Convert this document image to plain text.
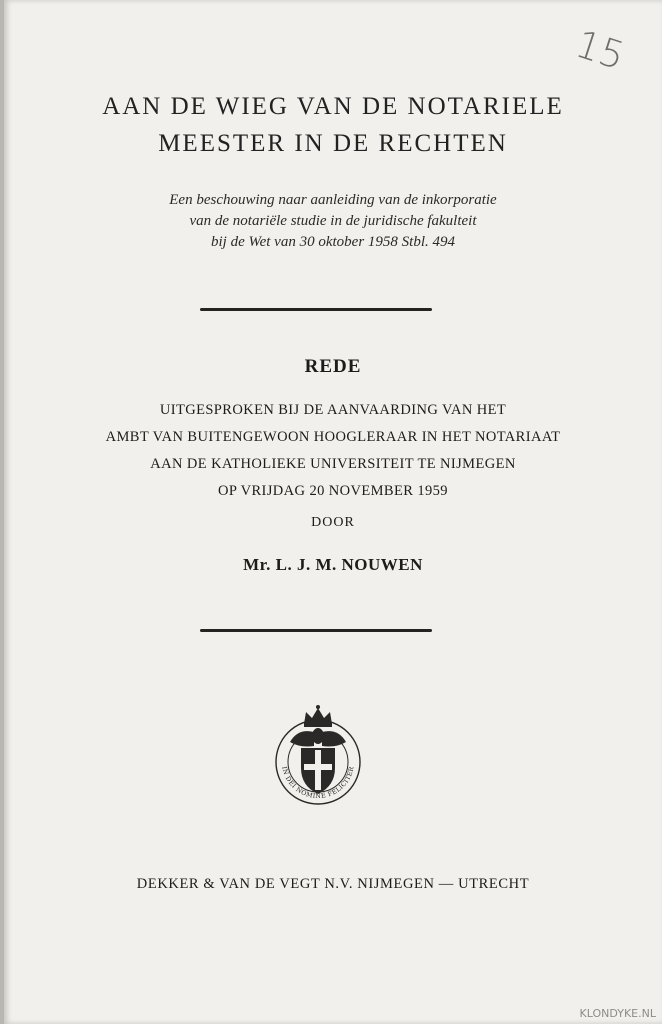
15
AAN DE WIEG VAN DE NOTARIELE
MEESTER IN DE RECHTEN
Een beschouwing naar aanleiding van de inkorporatie
van de notariële studie in de juridische fakulteit
bij de Wet van 30 oktober 1958 Stbl. 494
REDE
UITGESPROKEN BIJ DE AANVAARDING VAN HET
AMBT VAN BUITENGEWOON HOOGLERAAR IN HET NOTARIAAT
AAN DE KATHOLIEKE UNIVERSITEIT TE NIJMEGEN
OP VRIJDAG 20 NOVEMBER 1959
DOOR
Mr. L. J. M. NOUWEN
IN DEI NOMINE FELICITER
DEKKER & VAN DE VEGT N.V. NIJMEGEN — UTRECHT
KLONDYKE.NL
